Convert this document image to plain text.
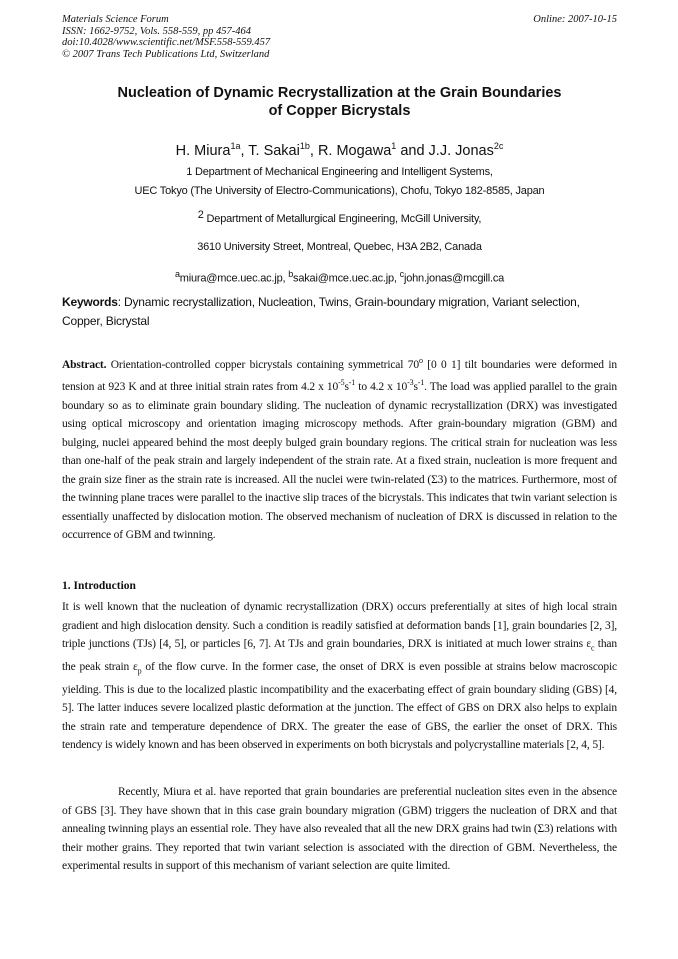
Materials Science Forum
ISSN: 1662-9752, Vols. 558-559, pp 457-464
doi:10.4028/www.scientific.net/MSF.558-559.457
© 2007 Trans Tech Publications Ltd, Switzerland
Online: 2007-10-15
Nucleation of Dynamic Recrystallization at the Grain Boundaries
of Copper Bicrystals
H. Miura$^{1a}$, T. Sakai$^{1b}$, R. Mogawa$^1$ and J.J. Jonas$^{2c}$
1 Department of Mechanical Engineering and Intelligent Systems,
UEC Tokyo (The University of Electro-Communications), Chofu, Tokyo 182-8585, Japan
$^2$ Department of Metallurgical Engineering, McGill University,
3610 University Street, Montreal, Quebec, H3A 2B2, Canada
$^a$miura@mce.uec.ac.jp, $^b$sakai@mce.uec.ac.jp, $^c$john.jonas@mcgill.ca
Keywords: Dynamic recrystallization, Nucleation, Twins, Grain-boundary migration, Variant selection, Copper, Bicrystal
Abstract. Orientation-controlled copper bicrystals containing symmetrical 70$^o$ [0 0 1] tilt boundaries were deformed in tension at 923 K and at three initial strain rates from 4.2 x $10^{-5}s^{-1}$ to 4.2 x $10^{-3}s^{-1}$. The load was applied parallel to the grain boundary so as to eliminate grain boundary sliding. The nucleation of dynamic recrystallization (DRX) was investigated using optical microscopy and orientation imaging microscopy methods. After grain-boundary migration (GBM) and bulging, nuclei appeared behind the most deeply bulged grain boundary regions. The critical strain for nucleation was less than one-half of the peak strain and largely independent of the strain rate. At a fixed strain, nucleation is more frequent and the grain size finer as the strain rate is increased. All the nuclei were twin-related (Σ3) to the matrices. Furthermore, most of the twinning plane traces were parallel to the inactive slip traces of the bicrystals. This indicates that twin variant selection is essentially unaffected by dislocation motion. The observed mechanism of nucleation of DRX is discussed in relation to the occurrence of GBM and twinning.
1. Introduction
It is well known that the nucleation of dynamic recrystallization (DRX) occurs preferentially at sites of high local strain gradient and high dislocation density. Such a condition is readily satisfied at deformation bands [1], grain boundaries [2, 3], triple junctions (TJs) [4, 5], or particles [6, 7]. At TJs and grain boundaries, DRX is initiated at much lower strains $\varepsilon_c$ than the peak strain $\varepsilon_p$ of the flow curve. In the former case, the onset of DRX is even possible at strains below macroscopic yielding. This is due to the localized plastic incompatibility and the exacerbating effect of grain boundary sliding (GBS) [4, 5]. The latter induces severe localized plastic deformation at the junction. The effect of GBS on DRX also helps to explain the strain rate and temperature dependence of DRX. The greater the ease of GBS, the earlier the onset of DRX. This tendency is widely known and has been observed in experiments on both bicrystals and polycrystalline materials [2, 4, 5].
Recently, Miura et al. have reported that grain boundaries are preferential nucleation sites even in the absence of GBS [3]. They have shown that in this case grain boundary migration (GBM) triggers the nucleation of DRX and that annealing twinning plays an essential role. They have also revealed that all the new DRX grains had twin (Σ3) relations with their mother grains. They reported that twin variant selection is associated with the direction of GBM. Nevertheless, the experimental results in support of this mechanism of variant selection are quite limited.
